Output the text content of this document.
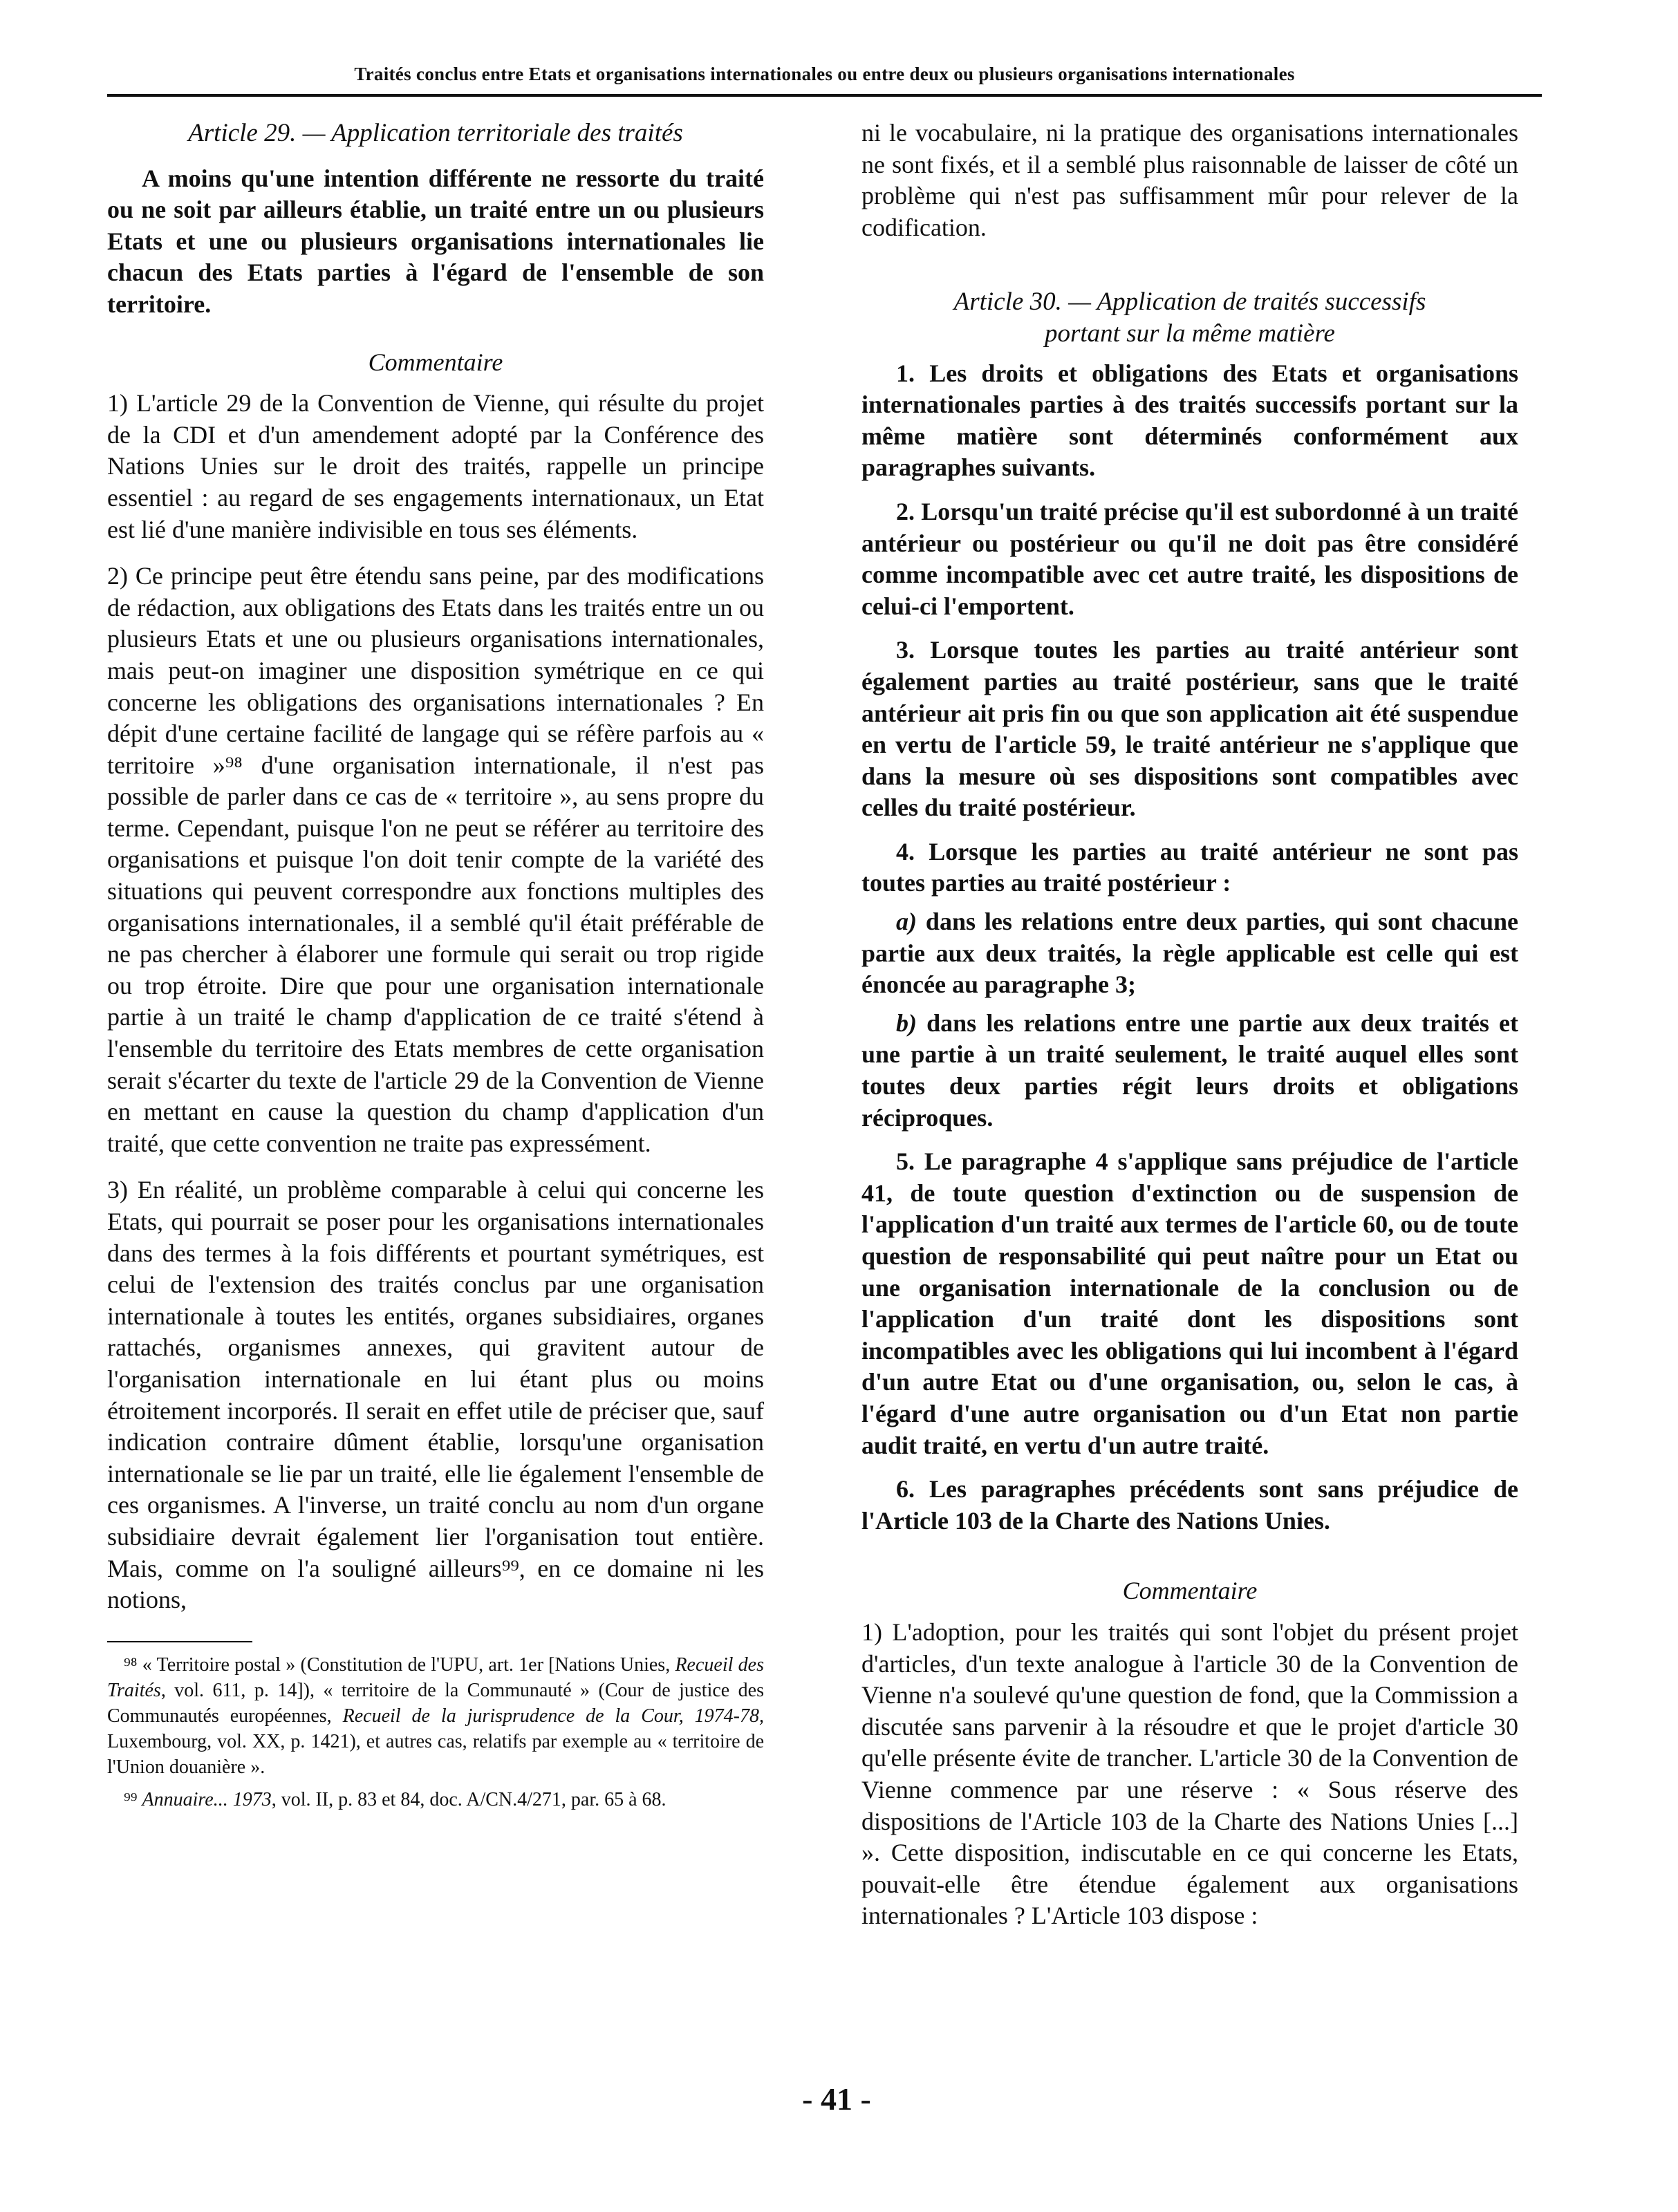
Traités conclus entre Etats et organisations internationales ou entre deux ou plusieurs organisations internationales

Article 29. — Application territoriale des traités

A moins qu'une intention différente ne ressorte du traité ou ne soit par ailleurs établie, un traité entre un ou plusieurs Etats et une ou plusieurs organisations internationales lie chacun des Etats parties à l'égard de l'ensemble de son territoire.

Commentaire

1) L'article 29 de la Convention de Vienne, qui résulte du projet de la CDI et d'un amendement adopté par la Conférence des Nations Unies sur le droit des traités, rappelle un principe essentiel : au regard de ses engagements internationaux, un Etat est lié d'une manière indivisible en tous ses éléments.

2) Ce principe peut être étendu sans peine, par des modifications de rédaction, aux obligations des Etats dans les traités entre un ou plusieurs Etats et une ou plusieurs organisations internationales, mais peut-on imaginer une disposition symétrique en ce qui concerne les obligations des organisations internationales ? En dépit d'une certaine facilité de langage qui se réfère parfois au « territoire »⁹⁸ d'une organisation internationale, il n'est pas possible de parler dans ce cas de « territoire », au sens propre du terme. Cependant, puisque l'on ne peut se référer au territoire des organisations et puisque l'on doit tenir compte de la variété des situations qui peuvent correspondre aux fonctions multiples des organisations internationales, il a semblé qu'il était préférable de ne pas chercher à élaborer une formule qui serait ou trop rigide ou trop étroite. Dire que pour une organisation internationale partie à un traité le champ d'application de ce traité s'étend à l'ensemble du territoire des Etats membres de cette organisation serait s'écarter du texte de l'article 29 de la Convention de Vienne en mettant en cause la question du champ d'application d'un traité, que cette convention ne traite pas expressément.

3) En réalité, un problème comparable à celui qui concerne les Etats, qui pourrait se poser pour les organisations internationales dans des termes à la fois différents et pourtant symétriques, est celui de l'extension des traités conclus par une organisation internationale à toutes les entités, organes subsidiaires, organes rattachés, organismes annexes, qui gravitent autour de l'organisation internationale en lui étant plus ou moins étroitement incorporés. Il serait en effet utile de préciser que, sauf indication contraire dûment établie, lorsqu'une organisation internationale se lie par un traité, elle lie également l'ensemble de ces organismes. A l'inverse, un traité conclu au nom d'un organe subsidiaire devrait également lier l'organisation tout entière. Mais, comme on l'a souligné ailleurs⁹⁹, en ce domaine ni les notions,

⁹⁸ « Territoire postal » (Constitution de l'UPU, art. 1er [Nations Unies, Recueil des Traités, vol. 611, p. 14]), « territoire de la Communauté » (Cour de justice des Communautés européennes, Recueil de la jurisprudence de la Cour, 1974-78, Luxembourg, vol. XX, p. 1421), et autres cas, relatifs par exemple au « territoire de l'Union douanière ».

⁹⁹ Annuaire... 1973, vol. II, p. 83 et 84, doc. A/CN.4/271, par. 65 à 68.

ni le vocabulaire, ni la pratique des organisations internationales ne sont fixés, et il a semblé plus raisonnable de laisser de côté un problème qui n'est pas suffisamment mûr pour relever de la codification.

Article 30. — Application de traités successifs
portant sur la même matière

1. Les droits et obligations des Etats et organisations internationales parties à des traités successifs portant sur la même matière sont déterminés conformément aux paragraphes suivants.

2. Lorsqu'un traité précise qu'il est subordonné à un traité antérieur ou postérieur ou qu'il ne doit pas être considéré comme incompatible avec cet autre traité, les dispositions de celui-ci l'emportent.

3. Lorsque toutes les parties au traité antérieur sont également parties au traité postérieur, sans que le traité antérieur ait pris fin ou que son application ait été suspendue en vertu de l'article 59, le traité antérieur ne s'applique que dans la mesure où ses dispositions sont compatibles avec celles du traité postérieur.

4. Lorsque les parties au traité antérieur ne sont pas toutes parties au traité postérieur :

a) dans les relations entre deux parties, qui sont chacune partie aux deux traités, la règle applicable est celle qui est énoncée au paragraphe 3;

b) dans les relations entre une partie aux deux traités et une partie à un traité seulement, le traité auquel elles sont toutes deux parties régit leurs droits et obligations réciproques.

5. Le paragraphe 4 s'applique sans préjudice de l'article 41, de toute question d'extinction ou de suspension de l'application d'un traité aux termes de l'article 60, ou de toute question de responsabilité qui peut naître pour un Etat ou une organisation internationale de la conclusion ou de l'application d'un traité dont les dispositions sont incompatibles avec les obligations qui lui incombent à l'égard d'un autre Etat ou d'une organisation, ou, selon le cas, à l'égard d'une autre organisation ou d'un Etat non partie audit traité, en vertu d'un autre traité.

6. Les paragraphes précédents sont sans préjudice de l'Article 103 de la Charte des Nations Unies.

Commentaire

1) L'adoption, pour les traités qui sont l'objet du présent projet d'articles, d'un texte analogue à l'article 30 de la Convention de Vienne n'a soulevé qu'une question de fond, que la Commission a discutée sans parvenir à la résoudre et que le projet d'article 30 qu'elle présente évite de trancher. L'article 30 de la Convention de Vienne commence par une réserve : « Sous réserve des dispositions de l'Article 103 de la Charte des Nations Unies [...] ». Cette disposition, indiscutable en ce qui concerne les Etats, pouvait-elle être étendue également aux organisations internationales ? L'Article 103 dispose :

- 41 -
